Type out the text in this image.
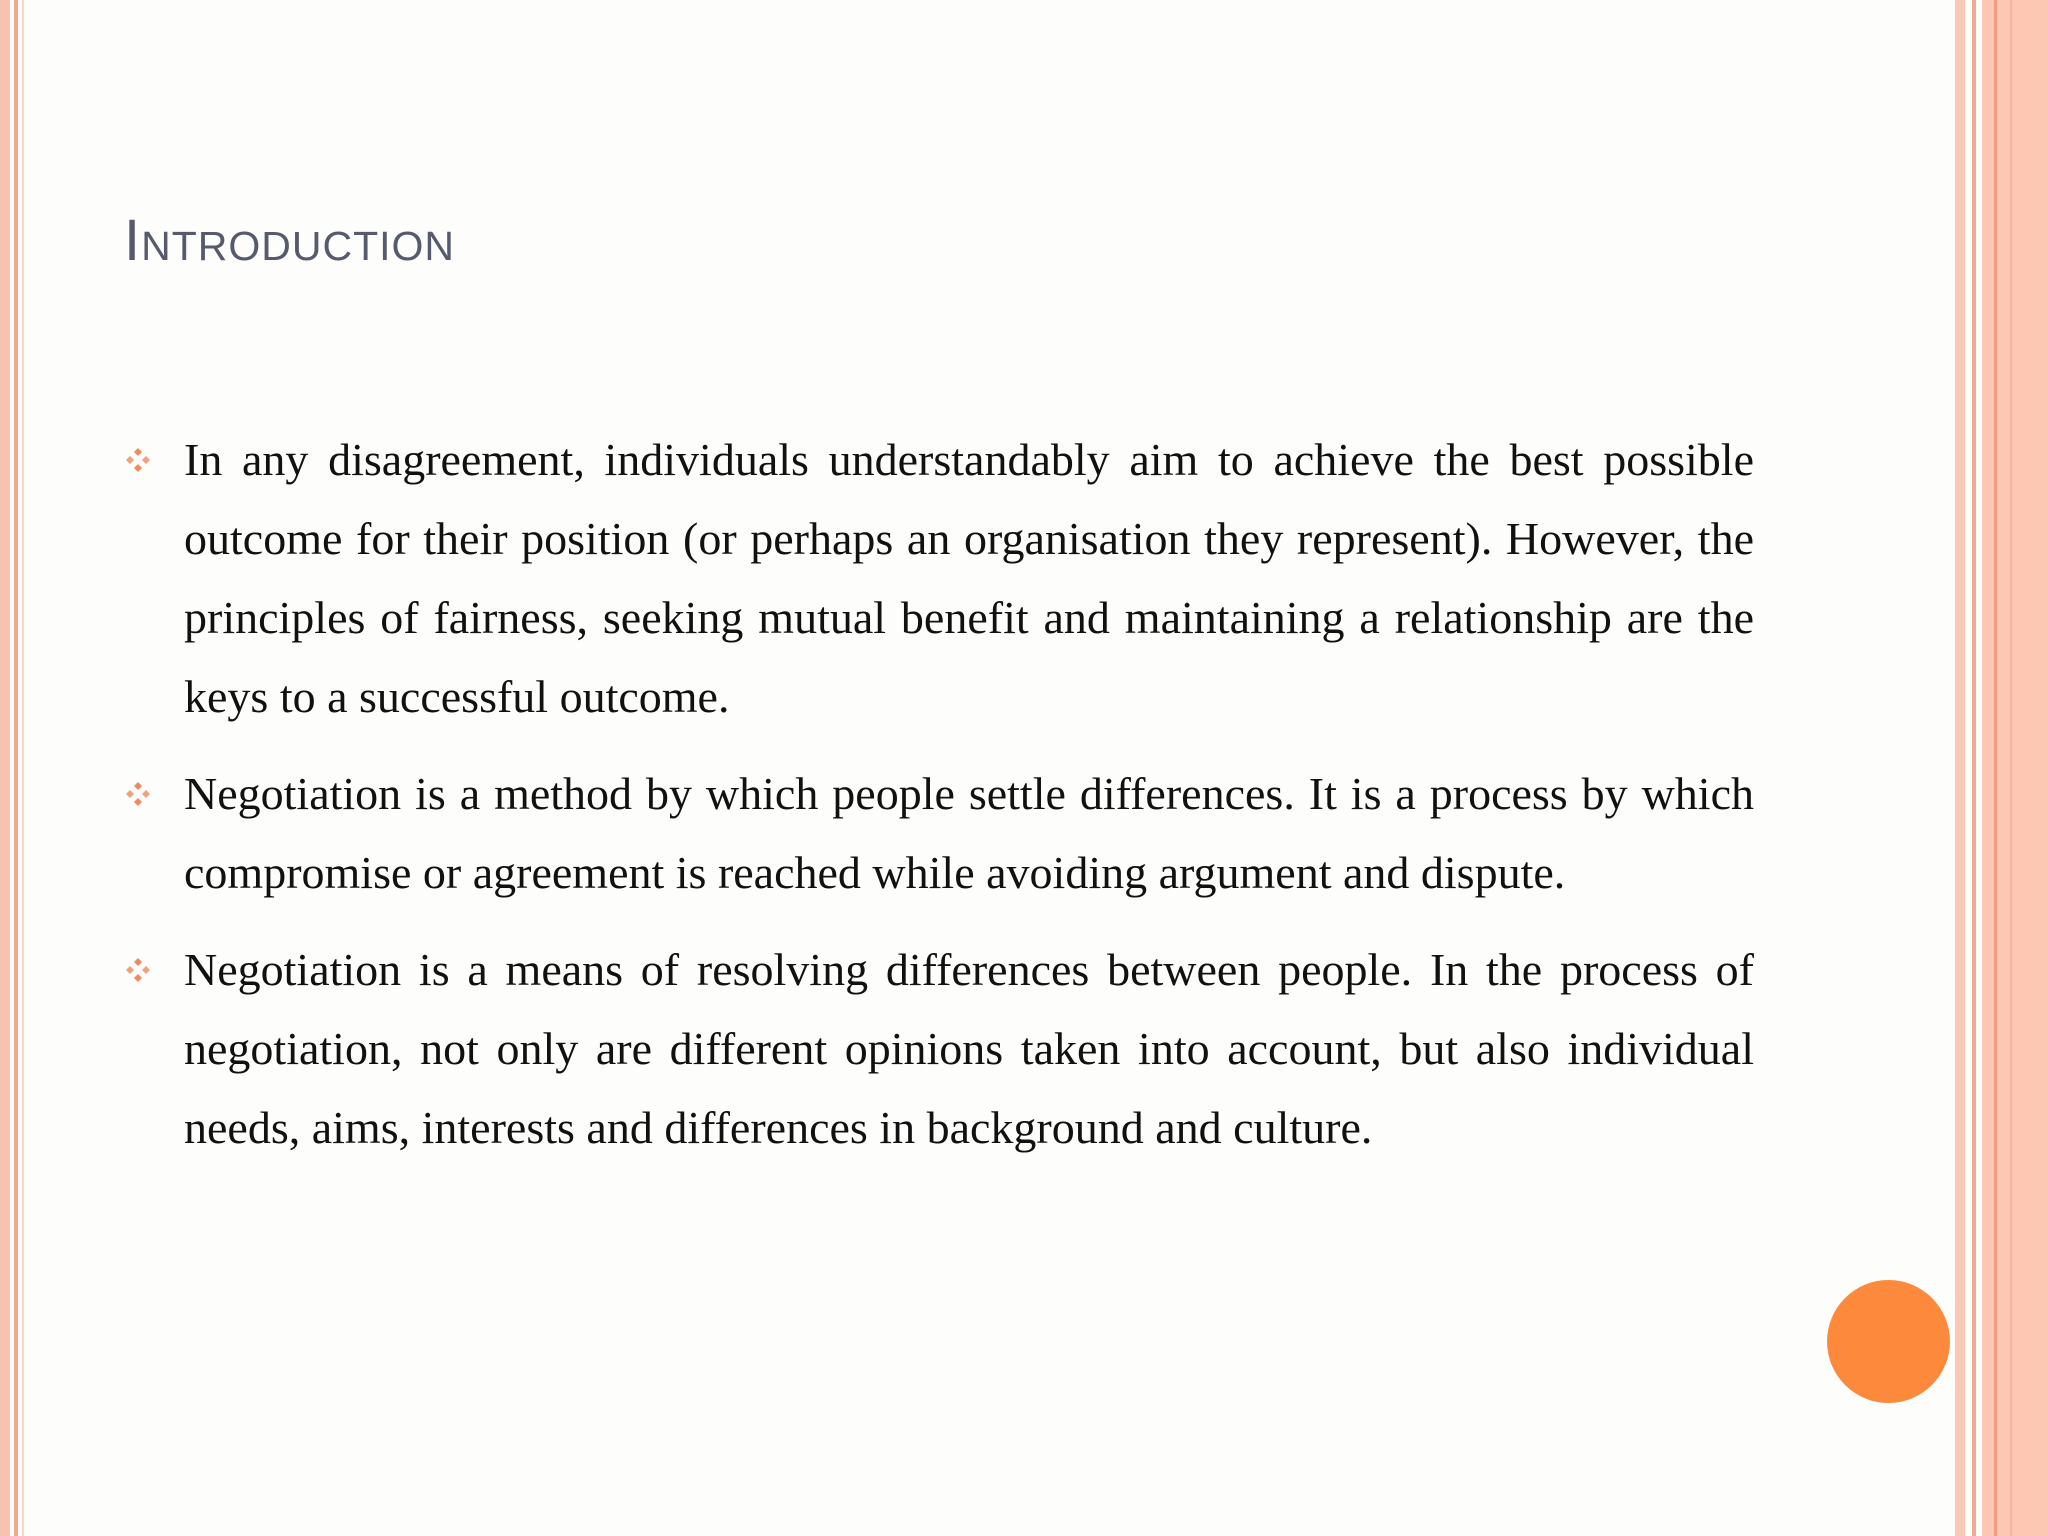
Introduction
In any disagreement, individuals understandably aim to achieve the best possible outcome for their position (or perhaps an organisation they represent). However, the principles of fairness, seeking mutual benefit and maintaining a relationship are the keys to a successful outcome.
Negotiation is a method by which people settle differences. It is a process by which compromise or agreement is reached while avoiding argument and dispute.
Negotiation is a means of resolving differences between people. In the process of negotiation, not only are different opinions taken into account, but also individual needs, aims, interests and differences in background and culture.
